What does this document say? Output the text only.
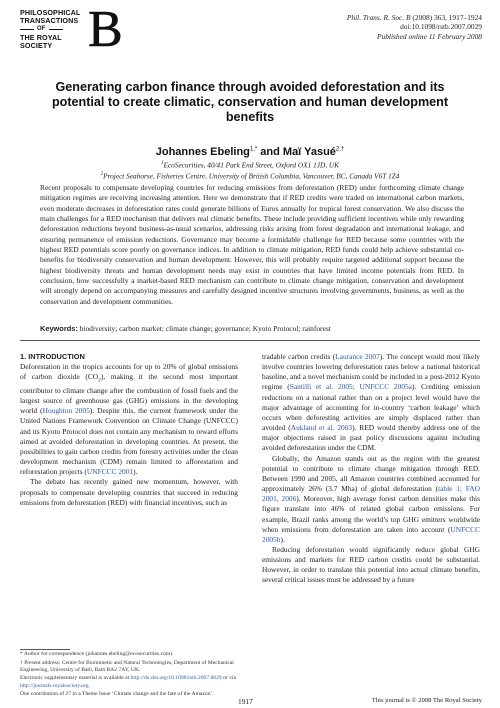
PHILOSOPHICAL
TRANSACTIONS
OF
THE ROYAL
SOCIETY B	Phil. Trans. R. Soc. B (2008) 363, 1917–1924
doi:10.1098/rstb.2007.0029
Published online 11 February 2008
Generating carbon finance through avoided deforestation and its potential to create climatic, conservation and human development benefits
Johannes Ebeling$^{1,*}$ and Maï Yasué$^{2,\dagger}$
$^1$EcoSecurities, 40/41 Park End Street, Oxford OX1 1JD, UK
$^2$Project Seahorse, Fisheries Centre, University of British Columbia, Vancouver, BC, Canada V6T 1Z4
Recent proposals to compensate developing countries for reducing emissions from deforestation (RED) under forthcoming climate change mitigation regimes are receiving increasing attention. Here we demonstrate that if RED credits were traded on international carbon markets, even moderate decreases in deforestation rates could generate billions of Euros annually for tropical forest conservation. We also discuss the main challenges for a RED mechanism that delivers real climatic benefits. These include providing sufficient incentives while only rewarding deforestation reductions beyond business-as-usual scenarios, addressing risks arising from forest degradation and international leakage, and ensuring permanence of emission reductions. Governance may become a formidable challenge for RED because some countries with the highest RED potentials score poorly on governance indices. In addition to climate mitigation, RED funds could help achieve substantial co-benefits for biodiversity conservation and human development. However, this will probably require targeted additional support because the highest biodiversity threats and human development needs may exist in countries that have limited income potentials from RED. In conclusion, how successfully a market-based RED mechanism can contribute to climate change mitigation, conservation and development will strongly depend on accompanying measures and carefully designed incentive structures involving governments, business, as well as the conservation and development communities.
Keywords: biodiversity; carbon market; climate change; governance; Kyoto Protocol; rainforest
1. INTRODUCTION

Deforestation in the tropics accounts for up to 20% of global emissions of carbon dioxide $(CO_2)$, making it the second most important contributor to climate change after the combustion of fossil fuels and the largest source of greenhouse gas (GHG) emissions in the developing world (Houghton 2005). Despite this, the current framework under the United Nations Framework Convention on Climate Change (UNFCCC) and its Kyoto Protocol does not contain any mechanism to reward efforts aimed at avoided deforestation in developing countries. At present, the possibilities to gain carbon credits from forestry activities under the clean development mechanism (CDM) remain limited to afforestation and reforestation projects (UNFCCC 2001).

The debate has recently gained new momentum, however, with proposals to compensate developing countries that succeed in reducing emissions from deforestation (RED) with financial incentives, such as

tradable carbon credits (Laurance 2007). The concept would most likely involve countries lowering deforestation rates below a national historical baseline, and a novel mechanism could be included in a post-2012 Kyoto regime (Santilli et al. 2005; UNFCCC 2005a). Crediting emission reductions on a national rather than on a project level would have the major advantage of accounting for in-country ‘carbon leakage’ which occurs when deforesting activities are simply displaced rather than avoided (Aukland et al. 2003). RED would thereby address one of the major objections raised in past policy discussions against including avoided deforestation under the CDM.

Globally, the Amazon stands out as the region with the greatest potential to contribute to climate change mitigation through RED. Between 1990 and 2005, all Amazon countries combined accounted for approximately 26% (3.7 Mha) of global deforestation (table 1; FAO 2001, 2006). Moreover, high average forest carbon densities make this figure translate into 46% of related global carbon emissions. For example, Brazil ranks among the world’s top GHG emitters worldwide when emissions from deforestation are taken into account (UNFCCC 2005b).

Reducing deforestation would significantly reduce global GHG emissions and markets for RED carbon credits could be substantial. However, in order to translate this potential into actual climate benefits, several critical issues must be addressed by a future

* Author for correspondence (johannes.ebeling@ecosecurities.com).
† Present address: Centre for Biomimetic and Natural Technologies, Department of Mechanical Engineering, University of Bath, Bath BA2 7AY, UK.
Electronic supplementary material is available at http://dx.doi.org/10.1098/rstb.2007.0029 or via http://journals.royalsociety.org.
One contribution of 27 to a Theme Issue ‘Climate change and the fate of the Amazon’.
1917	This journal is © 2008 The Royal Society
